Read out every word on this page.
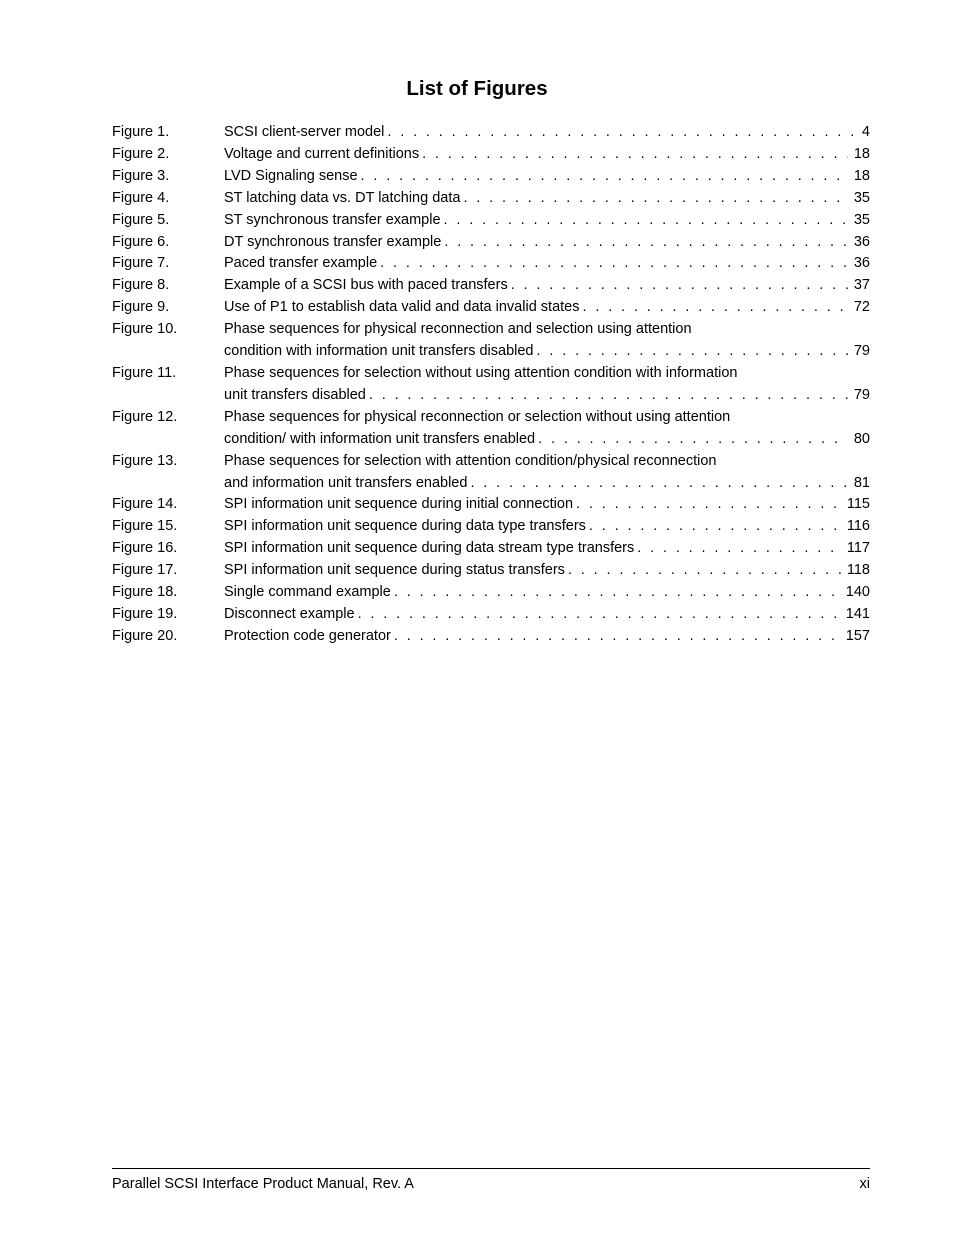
List of Figures
Figure 1.	SCSI client-server model . . .	4
Figure 2.	Voltage and current definitions . . .	18
Figure 3.	LVD Signaling sense . . .	18
Figure 4.	ST latching data vs. DT latching data . . .	35
Figure 5.	ST synchronous transfer example . . .	35
Figure 6.	DT synchronous transfer example . . .	36
Figure 7.	Paced transfer example . . .	36
Figure 8.	Example of a SCSI bus with paced transfers . . .	37
Figure 9.	Use of P1 to establish data valid and data invalid states . . .	72
Figure 10.	Phase sequences for physical reconnection and selection using attention
condition with information unit transfers disabled . . .	79
Figure 11.	Phase sequences for selection without using attention condition with information
unit transfers disabled . . .	79
Figure 12.	Phase sequences for physical reconnection or selection without using attention
condition/ with information unit transfers enabled . . .	80
Figure 13.	Phase sequences for selection with attention condition/physical reconnection
and information unit transfers enabled . . .	81
Figure 14.	SPI information unit sequence during initial connection . . .	115
Figure 15.	SPI information unit sequence during data type transfers . . .	116
Figure 16.	SPI information unit sequence during data stream type transfers . . .	117
Figure 17.	SPI information unit sequence during status transfers . . .	118
Figure 18.	Single command example . . .	140
Figure 19.	Disconnect example . . .	141
Figure 20.	Protection code generator . . .	157
Parallel SCSI Interface Product Manual, Rev. A	xi
